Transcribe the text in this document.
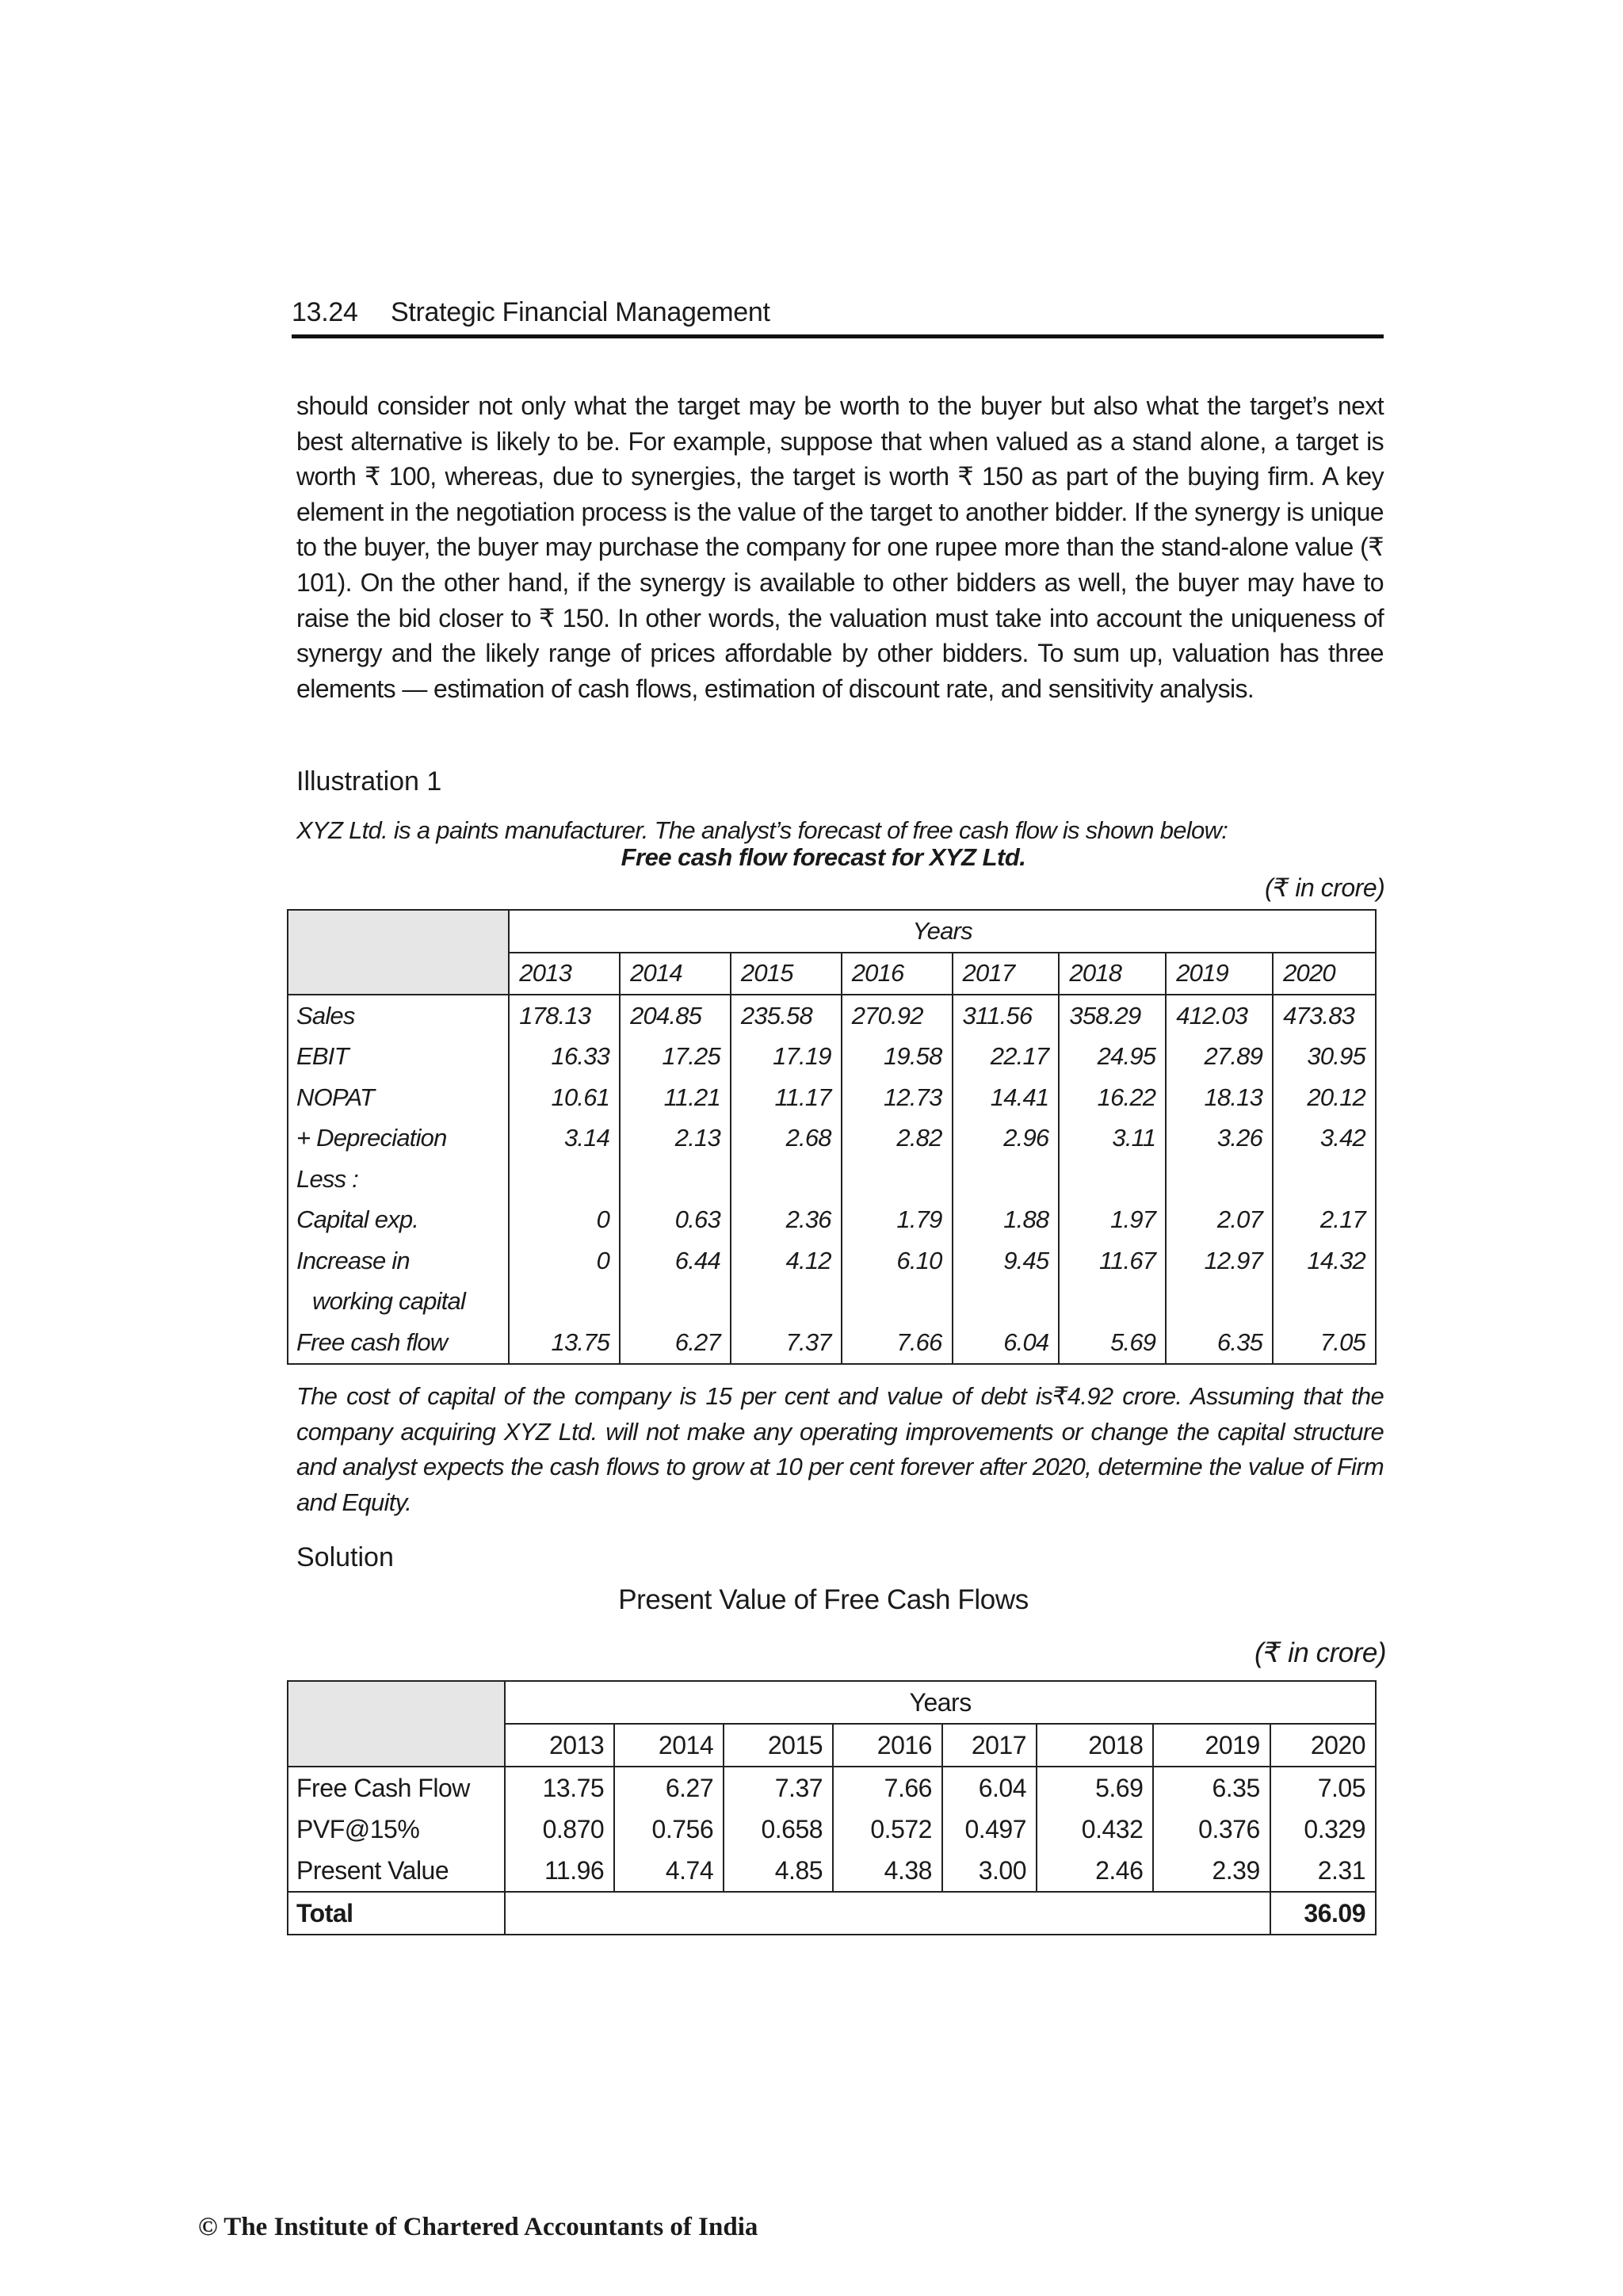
13.24 Strategic Financial Management

should consider not only what the target may be worth to the buyer but also what the target’s next best alternative is likely to be. For example, suppose that when valued as a stand alone, a target is worth ₹ 100, whereas, due to synergies, the target is worth ₹ 150 as part of the buying firm. A key element in the negotiation process is the value of the target to another bidder. If the synergy is unique to the buyer, the buyer may purchase the company for one rupee more than the stand-alone value (₹ 101). On the other hand, if the synergy is available to other bidders as well, the buyer may have to raise the bid closer to ₹ 150. In other words, the valuation must take into account the uniqueness of synergy and the likely range of prices affordable by other bidders. To sum up, valuation has three elements — estimation of cash flows, estimation of discount rate, and sensitivity analysis.

Illustration 1

XYZ Ltd. is a paints manufacturer. The analyst’s forecast of free cash flow is shown below:

Free cash flow forecast for XYZ Ltd.
(₹ in crore)
	Years							
	2013	2014	2015	2016	2017	2018	2019	2020
Sales	178.13	204.85	235.58	270.92	311.56	358.29	412.03	473.83
EBIT	16.33	17.25	17.19	19.58	22.17	24.95	27.89	30.95
NOPAT	10.61	11.21	11.17	12.73	14.41	16.22	18.13	20.12
+ Depreciation	3.14	2.13	2.68	2.82	2.96	3.11	3.26	3.42
Less :								
Capital exp.	0	0.63	2.36	1.79	1.88	1.97	2.07	2.17
Increase in	0	6.44	4.12	6.10	9.45	11.67	12.97	14.32
working capital								
Free cash flow	13.75	6.27	7.37	7.66	6.04	5.69	6.35	7.05

The cost of capital of the company is 15 per cent and value of debt is₹4.92 crore. Assuming that the company acquiring XYZ Ltd. will not make any operating improvements or change the capital structure and analyst expects the cash flows to grow at 10 per cent forever after 2020, determine the value of Firm and Equity.

Solution
Present Value of Free Cash Flows
(₹ in crore)
	Years							
	2013	2014	2015	2016	2017	2018	2019	2020
Free Cash Flow	13.75	6.27	7.37	7.66	6.04	5.69	6.35	7.05
PVF@15%	0.870	0.756	0.658	0.572	0.497	0.432	0.376	0.329
Present Value	11.96	4.74	4.85	4.38	3.00	2.46	2.39	2.31
Total								36.09
© The Institute of Chartered Accountants of India
